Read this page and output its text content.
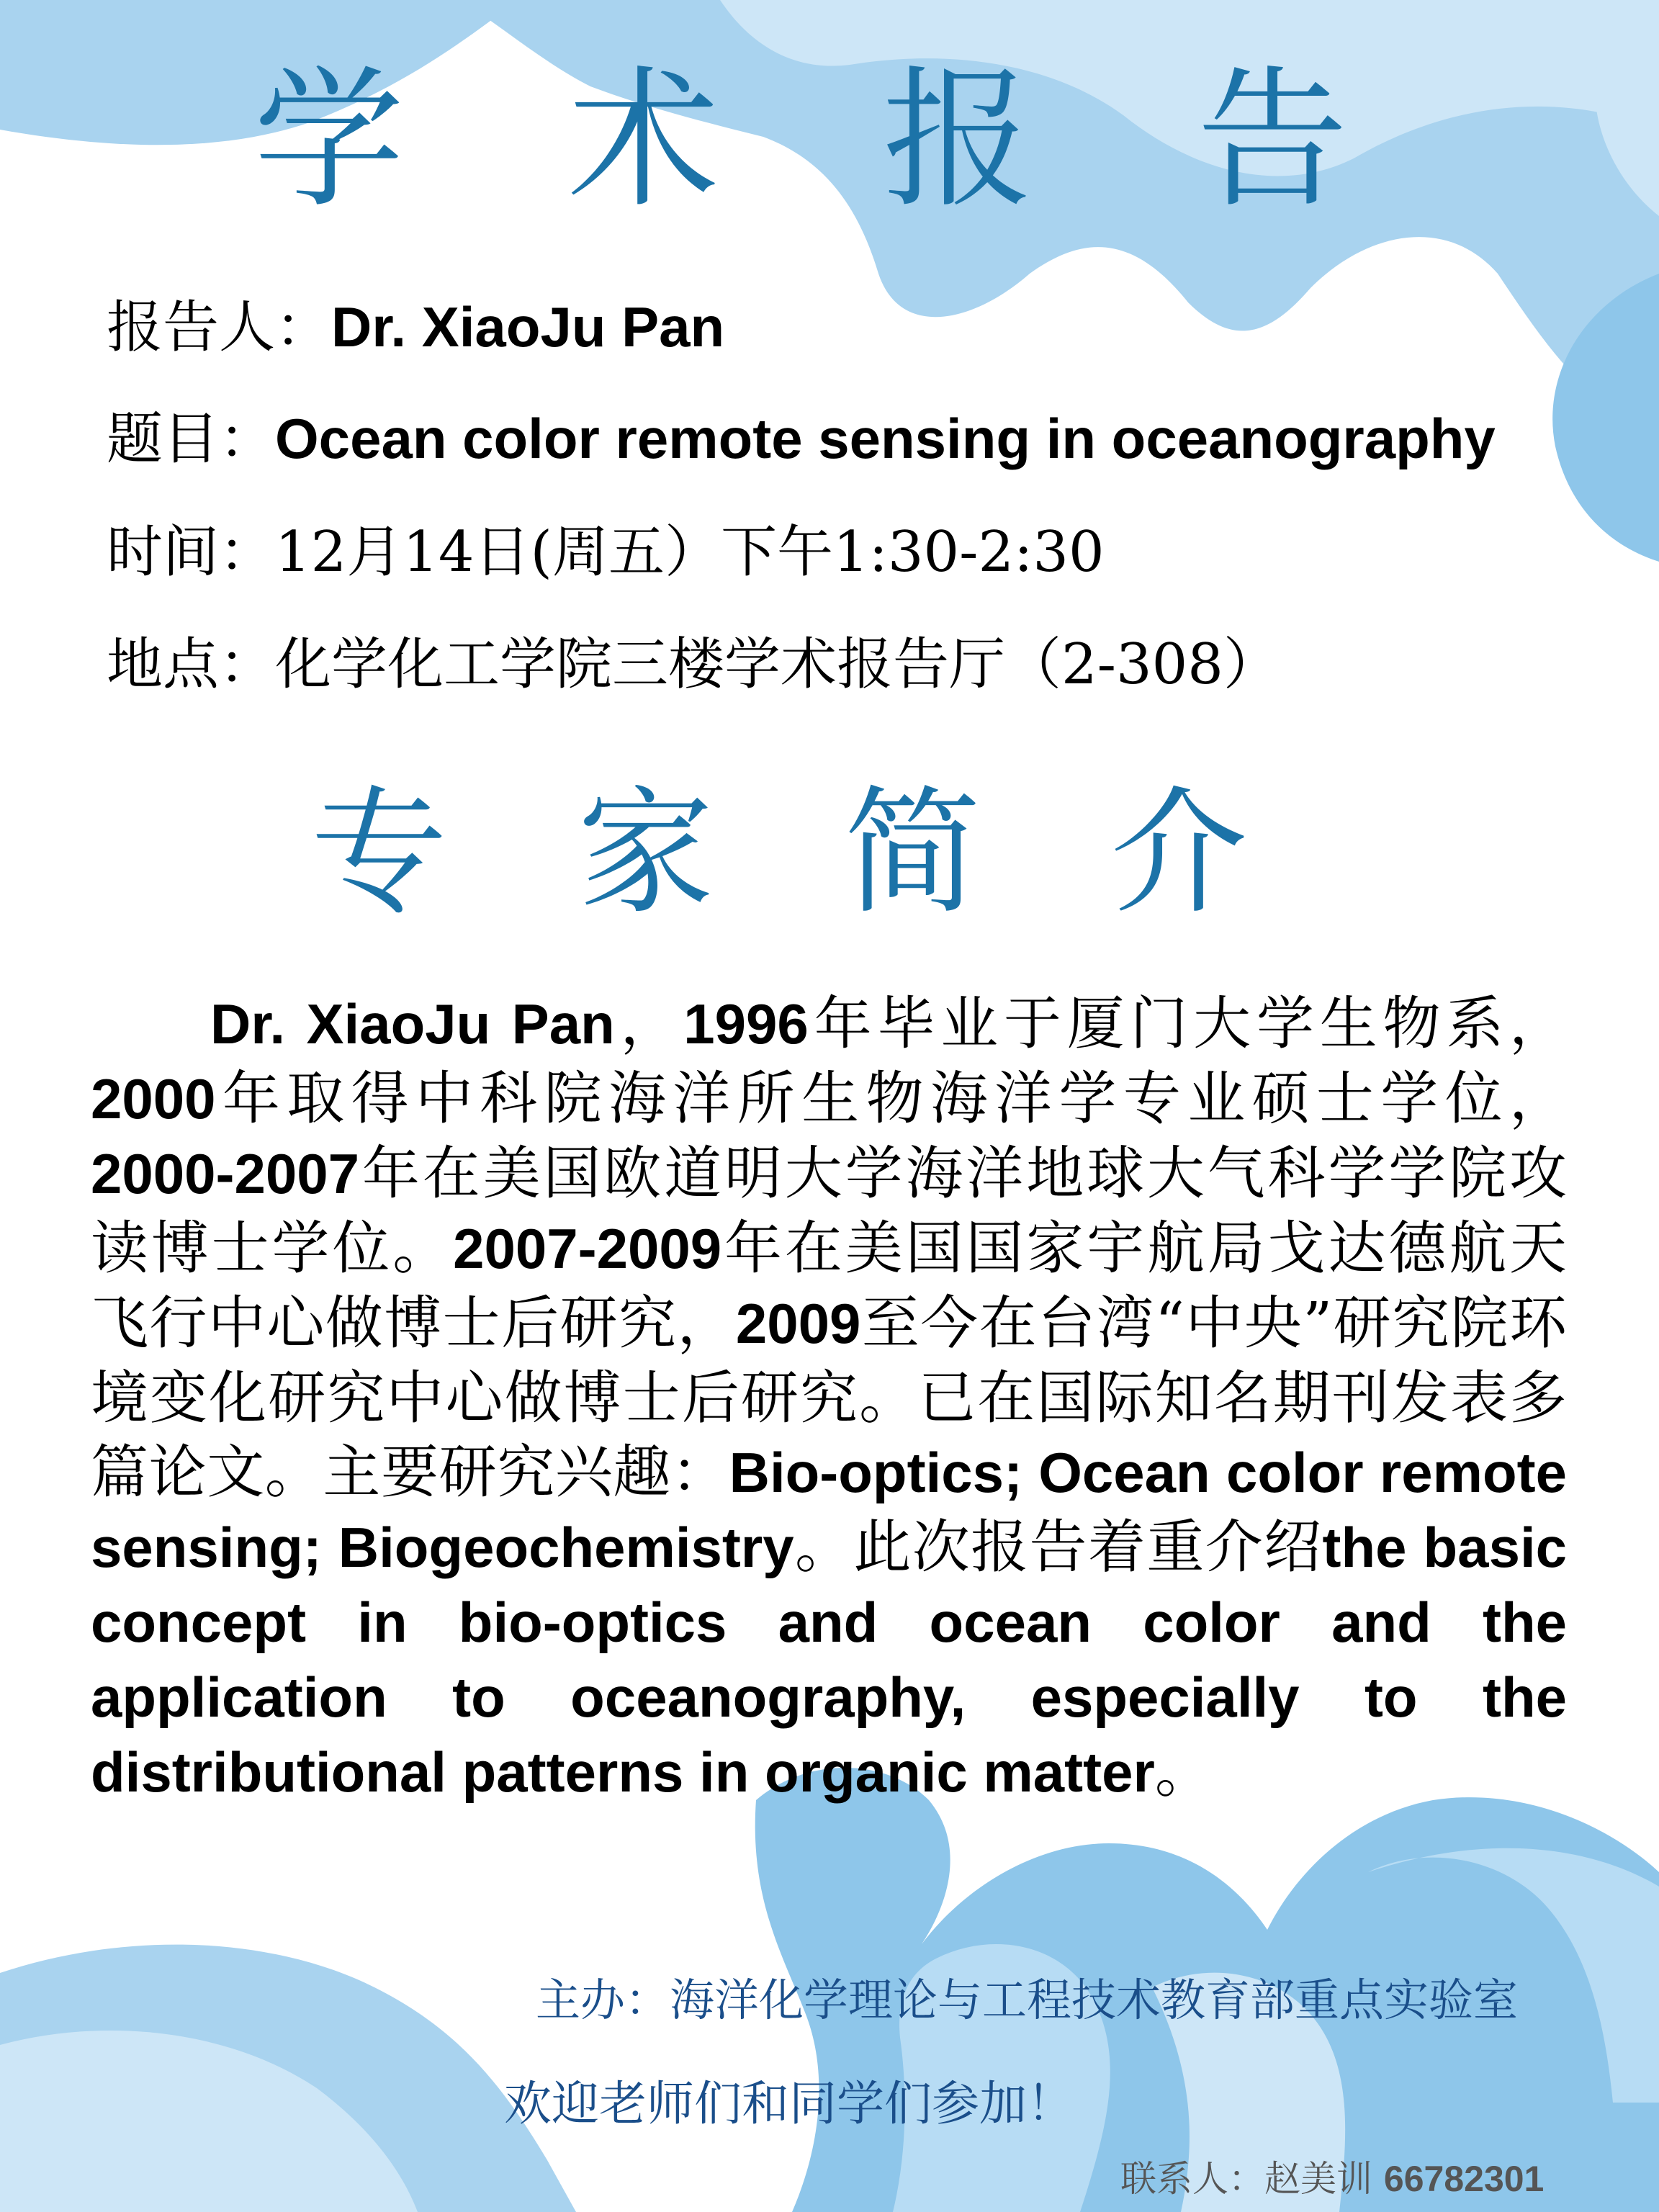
学 术 报 告
报告人：Dr. XiaoJu Pan
题目：Ocean color remote sensing in oceanography
时间：12月14日(周五）下午1:30-2:30
地点：化学化工学院三楼学术报告厅（2-308）
专 家 简 介
Dr. XiaoJu Pan，1996年毕业于厦门大学生物系，2000年取得中科院海洋所生物海洋学专业硕士学位，2000-2007年在美国欧道明大学海洋地球大气科学学院攻读博士学位。2007-2009年在美国国家宇航局戈达德航天飞行中心做博士后研究，2009至今在台湾“中央”研究院环境变化研究中心做博士后研究。已在国际知名期刊发表多篇论文。主要研究兴趣：Bio-optics; Ocean color remote sensing; Biogeochemistry。此次报告着重介绍the basic concept in bio-optics and ocean color and the application to oceanography, especially to the distributional patterns in organic matter。
主办：海洋化学理论与工程技术教育部重点实验室
欢迎老师们和同学们参加！
联系人：赵美训 66782301
